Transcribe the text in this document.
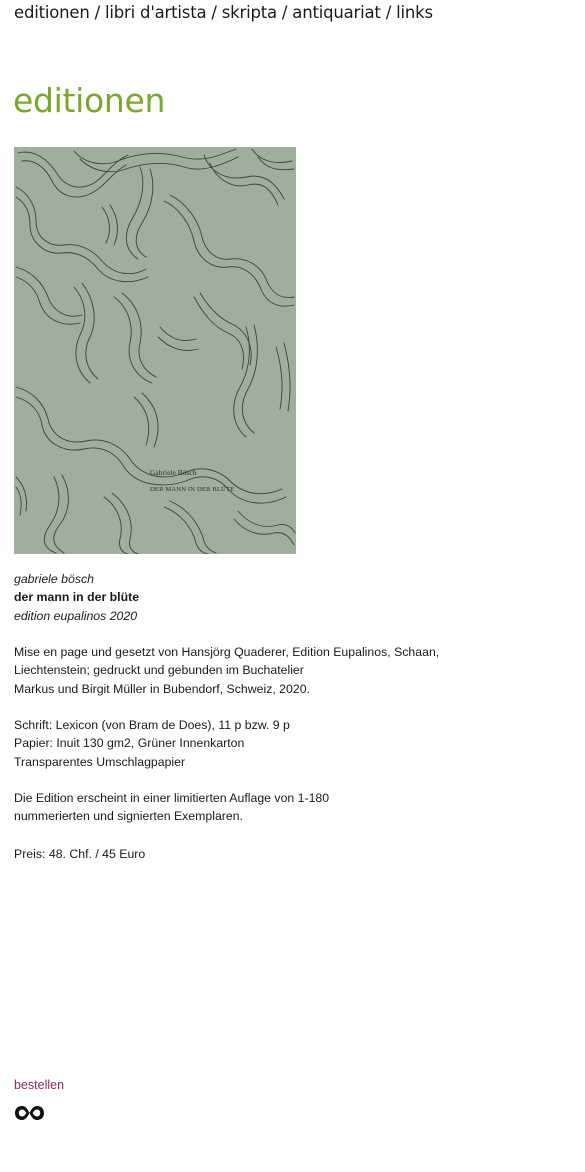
editionen / libri d'artista / skripta / antiquariat / links
editionen
Gabriele Bösch
DER MANN IN DER BLÜTE

gabriele bösch

der mann in der blüte

edition eupalinos 2020

Mise en page und gesetzt von Hansjörg Quaderer, Edition Eupalinos, Schaan,

Liechtenstein; gedruckt und gebunden im Buchatelier

Markus und Birgit Müller in Bubendorf, Schweiz, 2020.

Schrift: Lexicon (von Bram de Does), 11 p bzw. 9 p

Papier: Inuit 130 gm2, Grüner Innenkarton

Transparentes Umschlagpapier

Die Edition erscheint in einer limitierten Auflage von 1-180

nummerierten und signierten Exemplaren.

Preis: 48. Chf. / 45 Euro

bestellen
